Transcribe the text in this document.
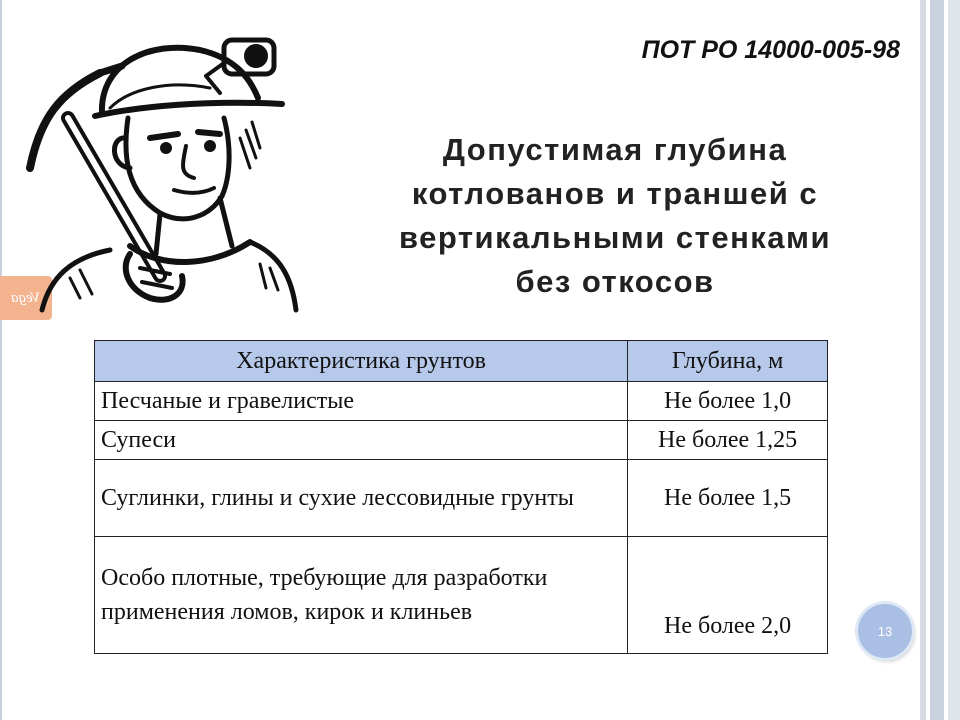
Vega
ПОТ РО 14000-005-98
Допустимая глубина
котлованов и траншей с
вертикальными стенками
без откосов
Характеристика грунтов	Глубина, м
Песчаные и гравелистые	Не более 1,0
Супеси	Не более 1,25
Суглинки, глины и сухие лессовидные грунты	Не более 1,5
Особо плотные, требующие для разработки применения ломов, кирок и клиньев	Не более 2,0	13
